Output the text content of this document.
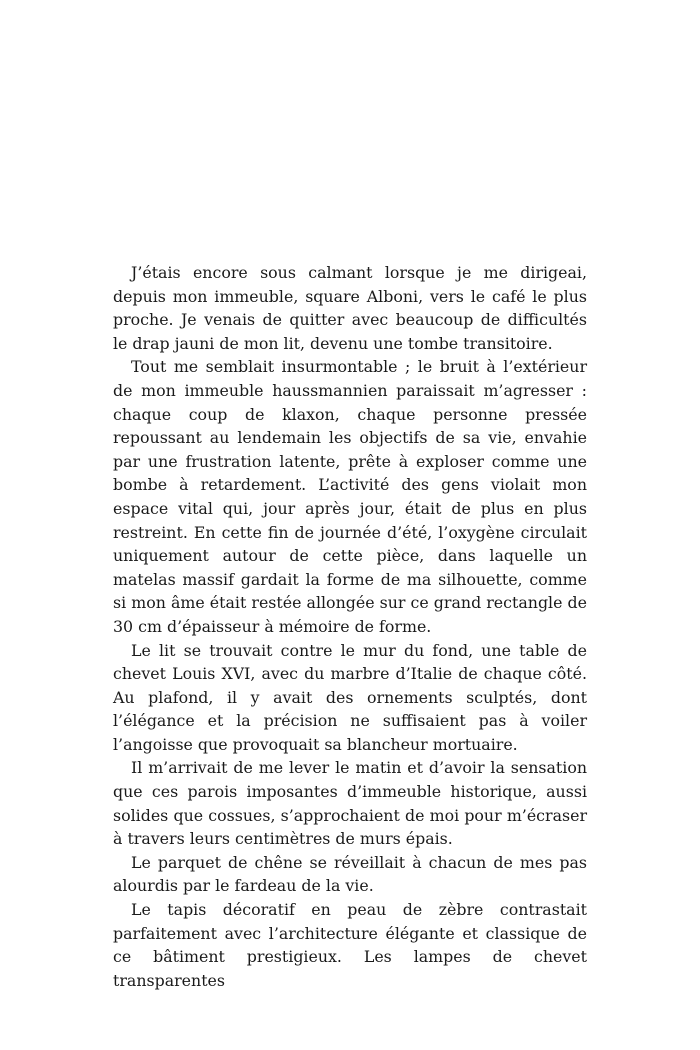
J’étais encore sous calmant lorsque je me dirigeai, depuis mon immeuble, square Alboni, vers le café le plus proche. Je venais de quitter avec beaucoup de difficultés le drap jauni de mon lit, devenu une tombe transitoire.

Tout me semblait insurmontable ; le bruit à l’extérieur de mon immeuble haussmannien paraissait m’agresser : chaque coup de klaxon, chaque personne pressée repoussant au lendemain les objectifs de sa vie, envahie par une frustration latente, prête à exploser comme une bombe à retardement. L’activité des gens violait mon espace vital qui, jour après jour, était de plus en plus restreint. En cette fin de journée d’été, l’oxygène circulait uniquement autour de cette pièce, dans laquelle un matelas massif gardait la forme de ma silhouette, comme si mon âme était restée allongée sur ce grand rectangle de 30 cm d’épaisseur à mémoire de forme.

Le lit se trouvait contre le mur du fond, une table de chevet Louis XVI, avec du marbre d’Italie de chaque côté. Au plafond, il y avait des ornements sculptés, dont l’élégance et la précision ne suffisaient pas à voiler l’angoisse que provoquait sa blancheur mortuaire.

Il m’arrivait de me lever le matin et d’avoir la sensation que ces parois imposantes d’immeuble historique, aussi solides que cossues, s’approchaient de moi pour m’écraser à travers leurs centimètres de murs épais.

Le parquet de chêne se réveillait à chacun de mes pas alourdis par le fardeau de la vie.

Le tapis décoratif en peau de zèbre contrastait parfaitement avec l’architecture élégante et classique de ce bâtiment prestigieux. Les lampes de chevet transparentes
